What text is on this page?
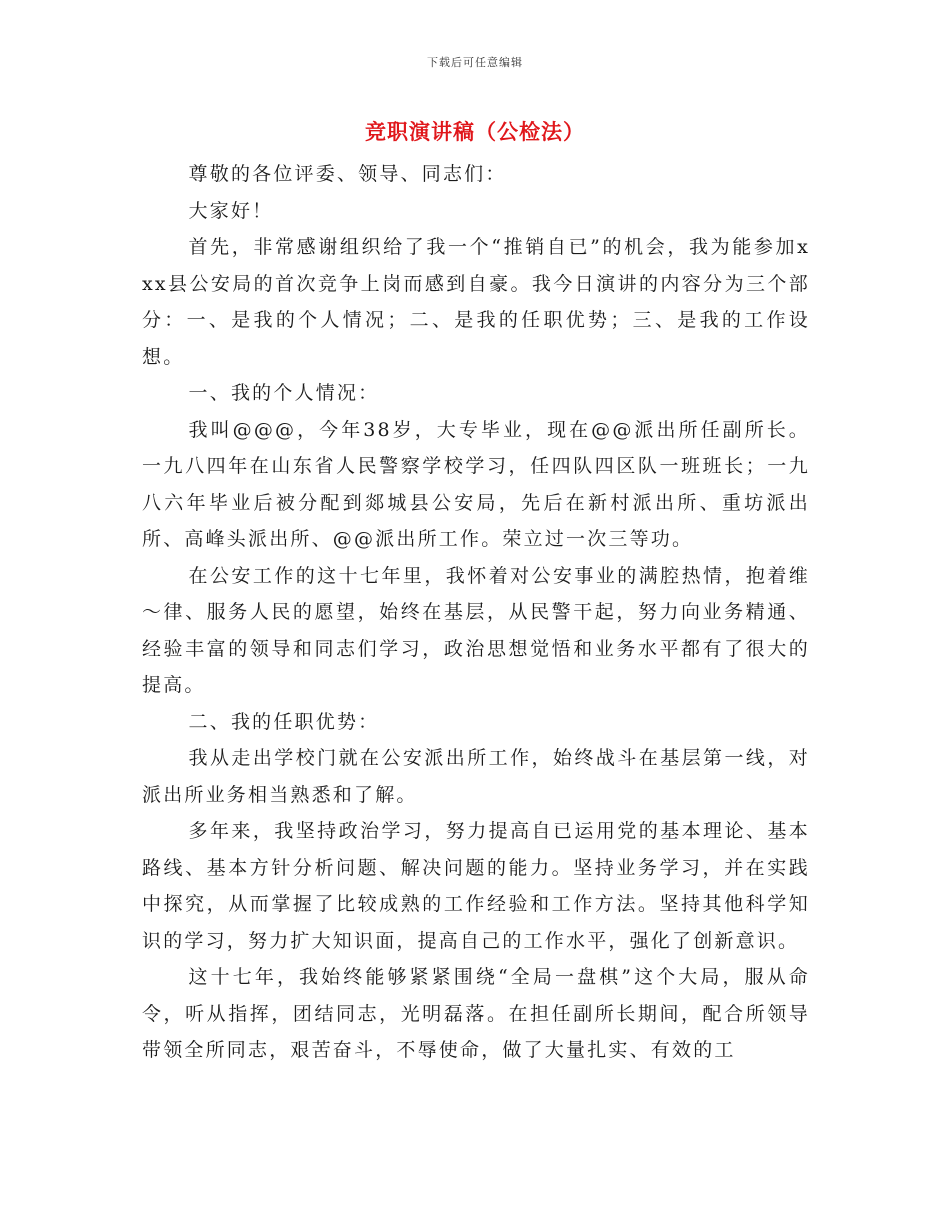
下载后可任意编辑
竞职演讲稿（公检法）

尊敬的各位评委、领导、同志们：

大家好！

首先，非常感谢组织给了我一个“推销自已”的机会，我为能参加xxx县公安局的首次竞争上岗而感到自豪。我今日演讲的内容分为三个部分：一、是我的个人情况；二、是我的任职优势；三、是我的工作设想。

一、我的个人情况：

我叫@@@，今年38岁，大专毕业，现在@@派出所任副所长。一九八四年在山东省人民警察学校学习，任四队四区队一班班长；一九八六年毕业后被分配到郯城县公安局，先后在新村派出所、重坊派出所、高峰头派出所、@@派出所工作。荣立过一次三等功。

在公安工作的这十七年里，我怀着对公安事业的满腔热情，抱着维～律、服务人民的愿望，始终在基层，从民警干起，努力向业务精通、经验丰富的领导和同志们学习，政治思想觉悟和业务水平都有了很大的提高。

二、我的任职优势：

我从走出学校门就在公安派出所工作，始终战斗在基层第一线，对派出所业务相当熟悉和了解。

多年来，我坚持政治学习，努力提高自已运用党的基本理论、基本路线、基本方针分析问题、解决问题的能力。坚持业务学习，并在实践中探究，从而掌握了比较成熟的工作经验和工作方法。坚持其他科学知识的学习，努力扩大知识面，提高自己的工作水平，强化了创新意识。

这十七年，我始终能够紧紧围绕“全局一盘棋”这个大局，服从命令，听从指挥，团结同志，光明磊落。在担任副所长期间，配合所领导带领全所同志，艰苦奋斗，不辱使命，做了大量扎实、有效的工
